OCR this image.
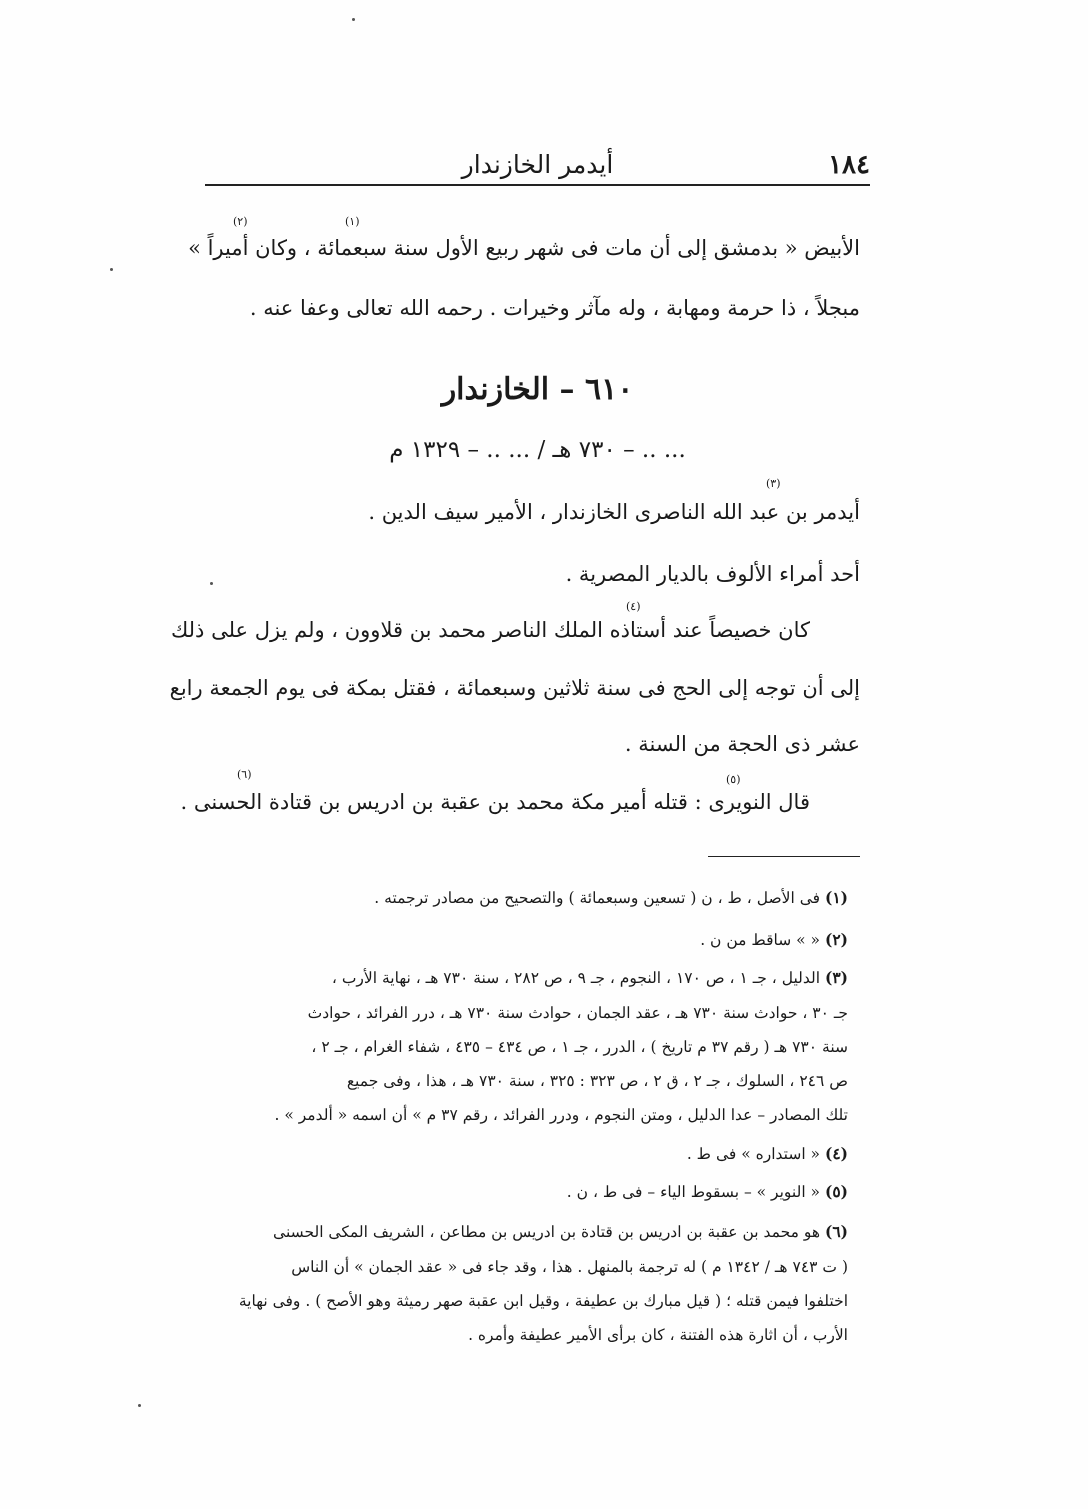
١٨٤
أيدمر الخازندار
الأبيض « بدمشق إلى أن مات فى شهر ربيع الأول سنة سبعمائة ، وكان أميراً »
مبجلاً ، ذا حرمة ومهابة ، وله مآثر وخيرات . رحمه الله تعالى وعفا عنه .
٦١٠ – الخازندار
... .. – ٧٣٠ هـ / ... .. – ١٣٢٩ م
أيدمر بن عبد الله الناصرى الخازندار ، الأمير سيف الدين .
أحد أمراء الألوف بالديار المصرية .
كان خصيصاً عند أستاذه الملك الناصر محمد بن قلاوون ، ولم يزل على ذلك
إلى أن توجه إلى الحج فى سنة ثلاثين وسبعمائة ، فقتل بمكة فى يوم الجمعة رابع
عشر ذى الحجة من السنة .
قال النويرى : قتله أمير مكة محمد بن عقبة بن ادريس بن قتادة الحسنى .
(١)
(٢)
(٣)
(٤)
(٥)
(٦)
(١) فى الأصل ، ط ، ن ( تسعين وسبعمائة ) والتصحيح من مصادر ترجمته .
(٢) « » ساقط من ن .
(٣) الدليل ، جـ ١ ، ص ١٧٠ ، النجوم ، جـ ٩ ، ص ٢٨٢ ، سنة ٧٣٠ هـ ، نهاية الأرب ،
جـ ٣٠ ، حوادث سنة ٧٣٠ هـ ، عقد الجمان ، حوادث سنة ٧٣٠ هـ ، درر الفرائد ، حوادث
سنة ٧٣٠ هـ ( رقم ٣٧ م تاريخ ) ، الدرر ، جـ ١ ، ص ٤٣٤ – ٤٣٥ ، شفاء الغرام ، جـ ٢ ،
ص ٢٤٦ ، السلوك ، جـ ٢ ، ق ٢ ، ص ٣٢٣ : ٣٢٥ ، سنة ٧٣٠ هـ ، هذا ، وفى جميع
تلك المصادر – عدا الدليل ، ومتن النجوم ، ودرر الفرائد ، رقم ٣٧ م » أن اسمه « ألدمر » .
(٤) « استداره » فى ط .
(٥) « النوير » – بسقوط الياء – فى ط ، ن .
(٦) هو محمد بن عقبة بن ادريس بن قتادة بن ادريس بن مطاعن ، الشريف المكى الحسنى
( ت ٧٤٣ هـ / ١٣٤٢ م ) له ترجمة بالمنهل . هذا ، وقد جاء فى « عقد الجمان » أن الناس
اختلفوا فيمن قتله ؛ ( قيل مبارك بن عطيفة ، وقيل ابن عقبة صهر رميثة وهو الأصح ) . وفى نهاية
الأرب ، أن اثارة هذه الفتنة ، كان برأى الأمير عطيفة وأمره .
